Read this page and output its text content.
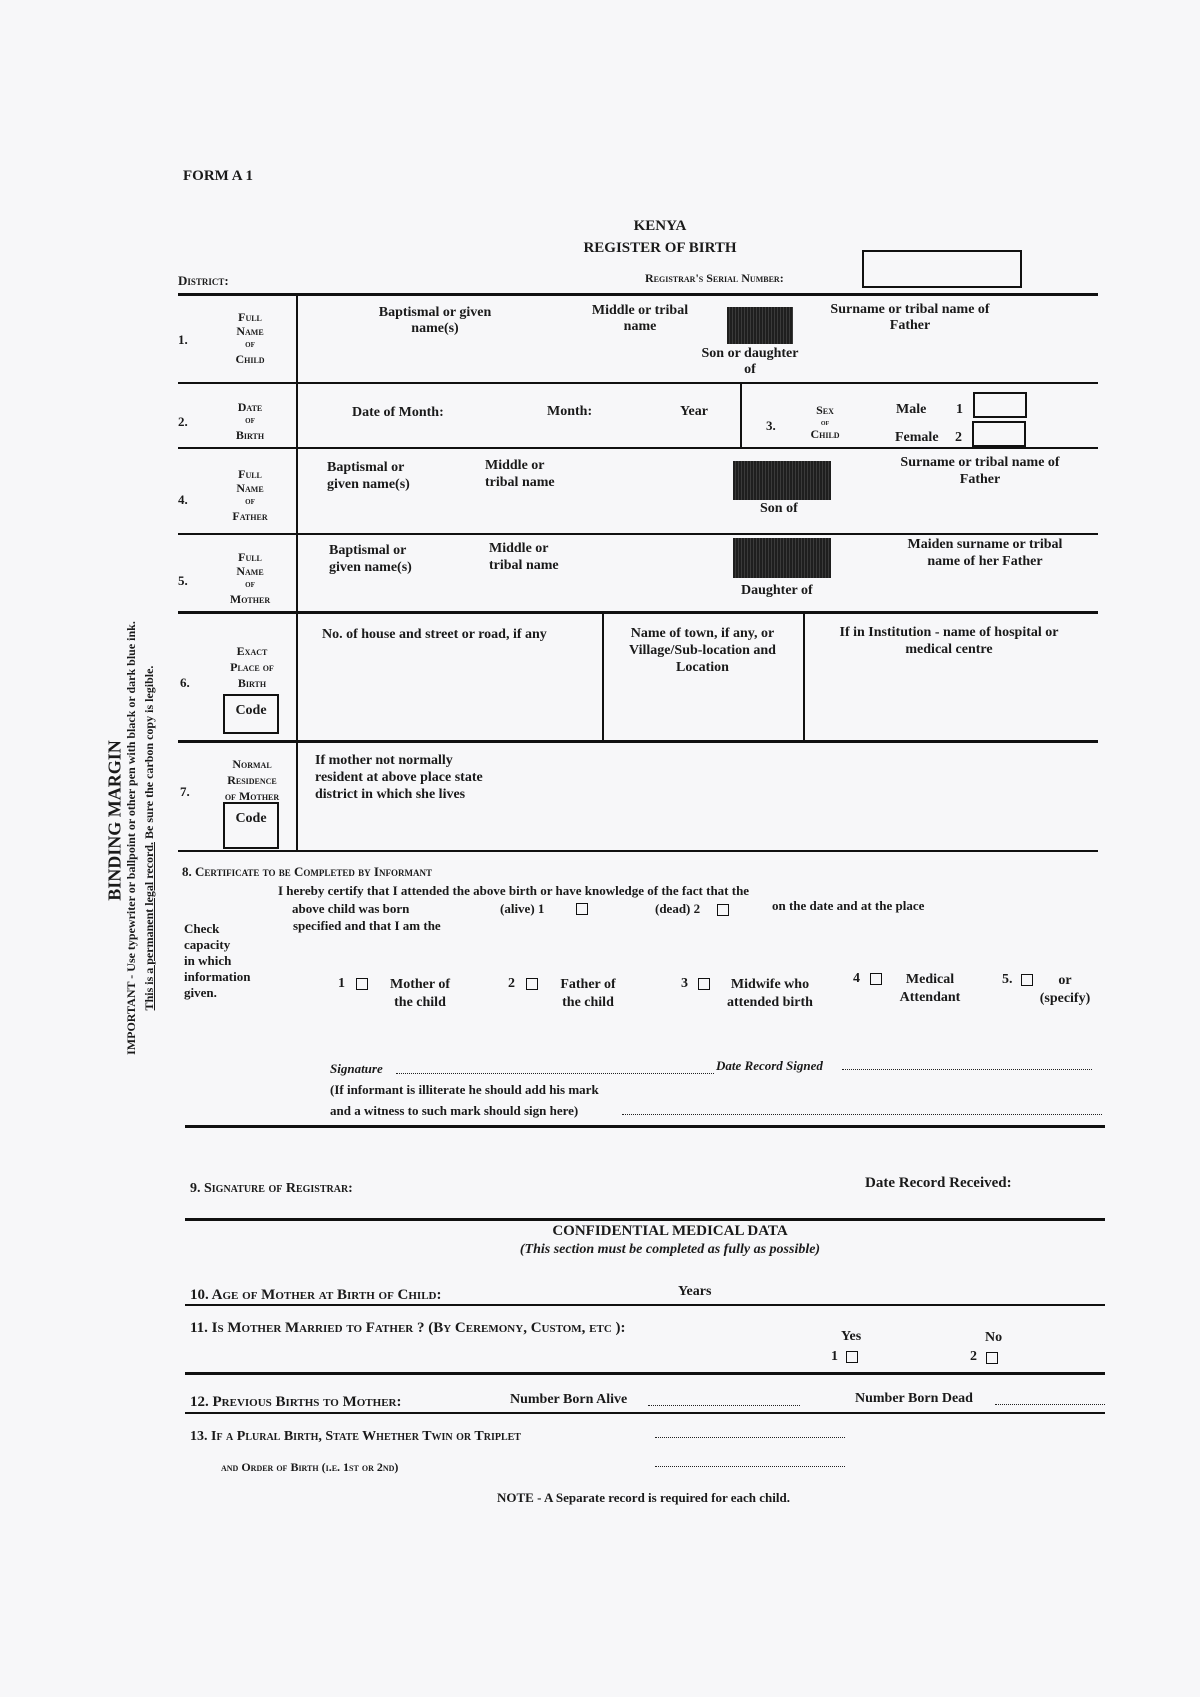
BINDING MARGIN IMPORTANT - Use typewriter or ballpoint or other pen with black or dark blue ink. This is a permanent legal record. Be sure the carbon copy is legible.
FORM A 1
KENYA
REGISTER OF BIRTH
District:	Registrar's Serial Number:
1.
Full
Name
of
Child
Baptismal or given name(s)
Middle or tribal name
Son or daughter of
Surname or tribal name of Father
2.
Date
of
Birth
Date of Month:	Month:	Year
3.
Sex
of
Child
Male 1
Female 2
4.
Full
Name
of
Father
Baptismal or given name(s)
Middle or tribal name
Son of
Surname or tribal name of Father
5.
Full
Name
of
Mother
Baptismal or given name(s)
Middle or tribal name
Daughter of
Maiden surname or tribal name of her Father
6.
Exact
Place of
Birth
Code
No. of house and street or road, if any	Name of town, if any, or Village/Sub-location and Location
If in Institution - name of hospital or medical centre
7.
Normal
Residence
of Mother
Code
If mother not normally resident at above place state district in which she lives
8. Certificate to be Completed by Informant
I hereby certify that I attended the above birth or have knowledge of the fact that the
above child was born	(alive) 1	(dead) 2	on the date and at the place
specified and that I am the
Check
capacity
in which
information
given.
1	Mother of
the child
2	Father of
the child
3	Midwife who
attended birth
4	Medical
Attendant
5.	or
(specify)
Signature	Date Record Signed
(If informant is illiterate he should add his mark
and a witness to such mark should sign here)
9. Signature of Registrar:	Date Record Received:
CONFIDENTIAL MEDICAL DATA
(This section must be completed as fully as possible)
10. Age of Mother at Birth of Child:	Years
11. Is Mother Married to Father ? (By Ceremony, Custom, etc ):
Yes
1
No
2
12. Previous Births to Mother:	Number Born Alive	Number Born Dead
13. If a Plural Birth, State Whether Twin or Triplet
and Order of Birth (i.e. 1st or 2nd)
NOTE - A Separate record is required for each child.
